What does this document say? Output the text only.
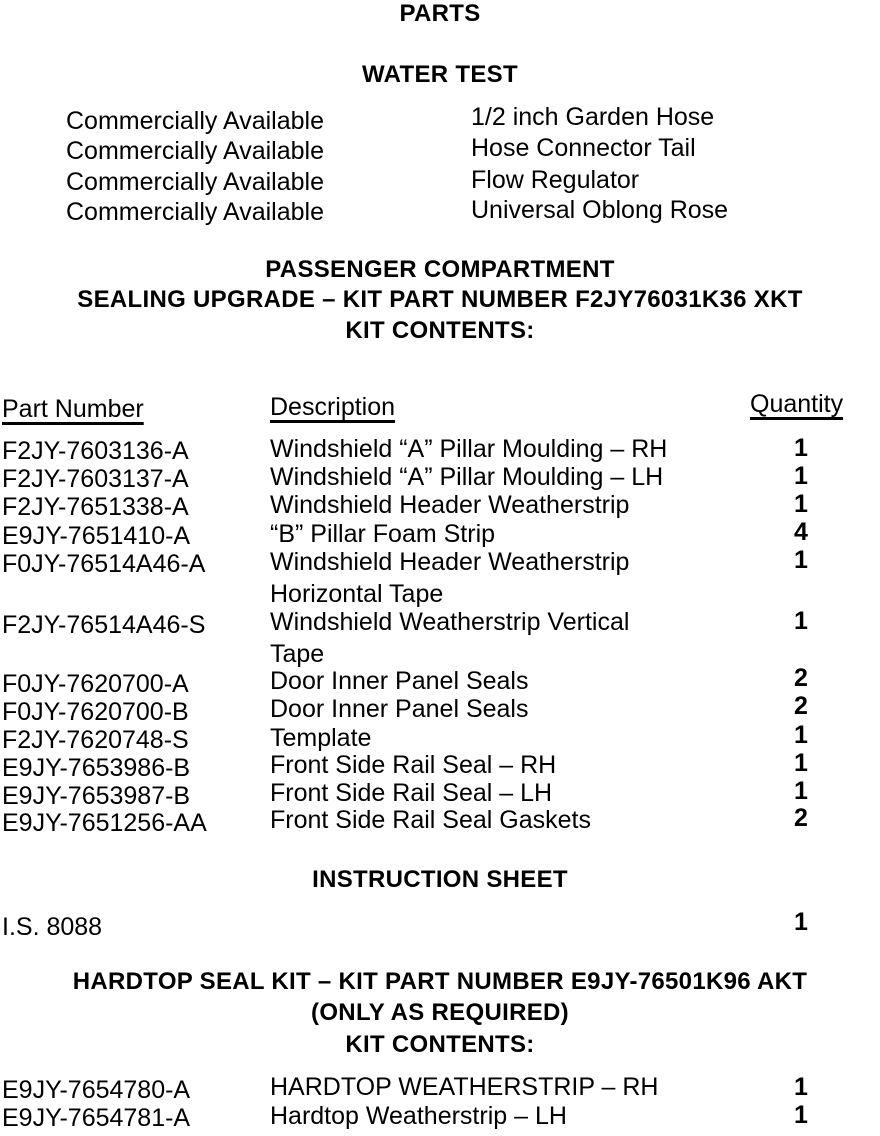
PARTS
WATER TEST
Commercially Available	1/2 inch Garden Hose
Commercially Available	Hose Connector Tail
Commercially Available	Flow Regulator
Commercially Available	Universal Oblong Rose
PASSENGER COMPARTMENT
SEALING UPGRADE – KIT PART NUMBER F2JY76031K36 XKT
KIT CONTENTS:
Part Number	Description	Quantity
F2JY-7603136-A	Windshield “A” Pillar Moulding – RH	1
F2JY-7603137-A	Windshield “A” Pillar Moulding – LH	1
F2JY-7651338-A	Windshield Header Weatherstrip	1
E9JY-7651410-A	“B” Pillar Foam Strip	4
F0JY-76514A46-A	Windshield Header Weatherstrip	1
Horizontal Tape
F2JY-76514A46-S	Windshield Weatherstrip Vertical	1
Tape
F0JY-7620700-A	Door Inner Panel Seals	2
F0JY-7620700-B	Door Inner Panel Seals	2
F2JY-7620748-S	Template	1
E9JY-7653986-B	Front Side Rail Seal – RH	1
E9JY-7653987-B	Front Side Rail Seal – LH	1
E9JY-7651256-AA	Front Side Rail Seal Gaskets	2
INSTRUCTION SHEET
I.S. 8088	1
HARDTOP SEAL KIT – KIT PART NUMBER E9JY-76501K96 AKT
(ONLY AS REQUIRED)
KIT CONTENTS:
E9JY-7654780-A	HARDTOP WEATHERSTRIP – RH	1
E9JY-7654781-A	Hardtop Weatherstrip – LH	1
